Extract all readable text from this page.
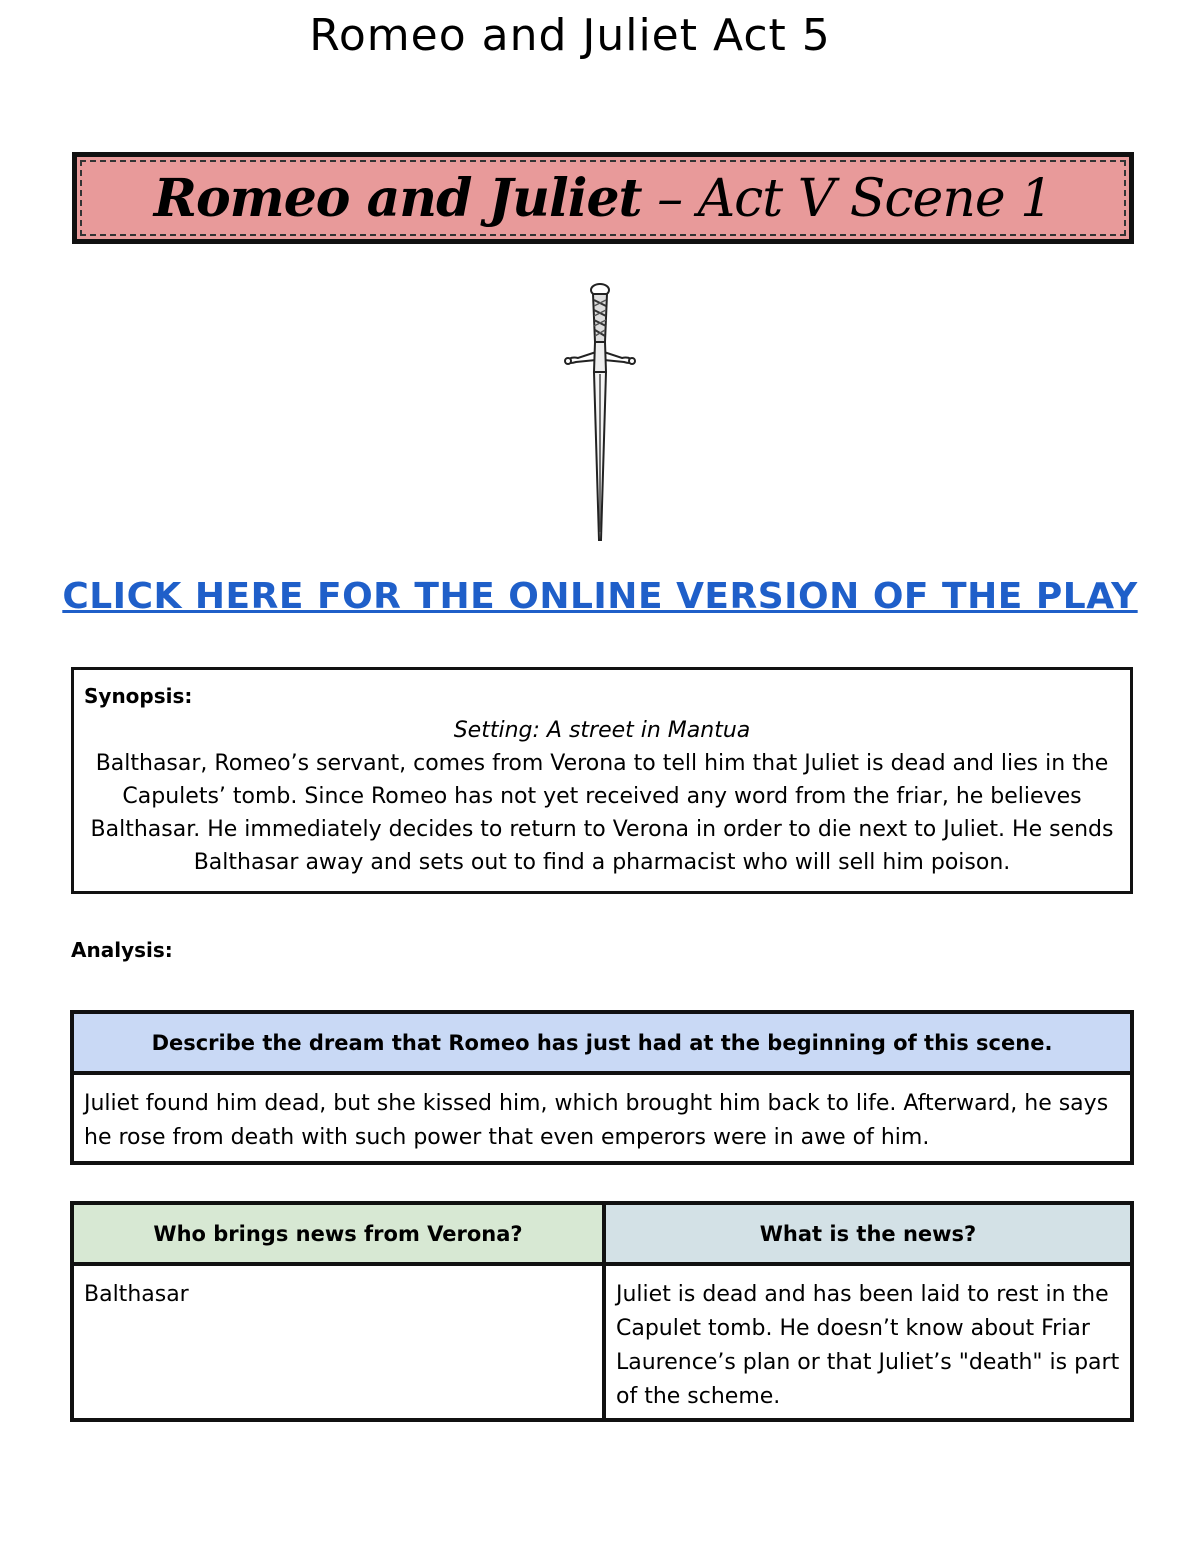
Romeo and Juliet Act 5
Romeo and Juliet – Act V Scene 1
CLICK HERE FOR THE ONLINE VERSION OF THE PLAY
Synopsis:
Setting: A street in Mantua
Balthasar, Romeo’s servant, comes from Verona to tell him that Juliet is dead and lies in the Capulets’ tomb. Since Romeo has not yet received any word from the friar, he believes Balthasar. He immediately decides to return to Verona in order to die next to Juliet. He sends Balthasar away and sets out to find a pharmacist who will sell him poison.
Analysis:
Describe the dream that Romeo has just had at the beginning of this scene.
Juliet found him dead, but she kissed him, which brought him back to life. Afterward, he says he rose from death with such power that even emperors were in awe of him.
Who brings news from Verona?
Balthasar
What is the news?
Juliet is dead and has been laid to rest in the Capulet tomb. He doesn’t know about Friar Laurence’s plan or that Juliet’s "death" is part of the scheme.
